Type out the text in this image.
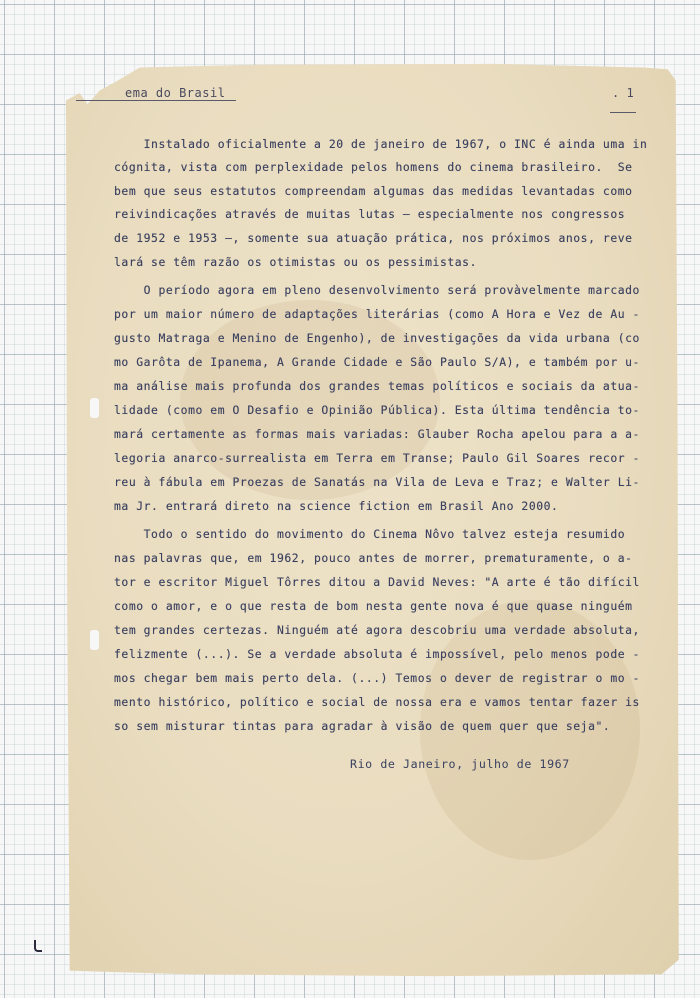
ema do Brasil	. 1
Instalado oficialmente a 20 de janeiro de 1967, o INC é ainda uma in
cógnita, vista com perplexidade pelos homens do cinema brasileiro.  Se
bem que seus estatutos compreendam algumas das medidas levantadas como
reivindicações através de muitas lutas — especialmente nos congressos
de 1952 e 1953 —, somente sua atuação prática, nos próximos anos, reve
lará se têm razão os otimistas ou os pessimistas.
O período agora em pleno desenvolvimento será provàvelmente marcado
por um maior número de adaptações literárias (como A Hora e Vez de Au -
gusto Matraga e Menino de Engenho), de investigações da vida urbana (co
mo Garôta de Ipanema, A Grande Cidade e São Paulo S/A), e também por u-
ma análise mais profunda dos grandes temas políticos e sociais da atua-
lidade (como em O Desafio e Opinião Pública). Esta última tendência to-
mará certamente as formas mais variadas: Glauber Rocha apelou para a a-
legoria anarco-surrealista em Terra em Transe; Paulo Gil Soares recor -
reu à fábula em Proezas de Sanatás na Vila de Leva e Traz; e Walter Li-
ma Jr. entrará direto na science fiction em Brasil Ano 2000.
Todo o sentido do movimento do Cinema Nôvo talvez esteja resumido
nas palavras que, em 1962, pouco antes de morrer, prematuramente, o a-
tor e escritor Miguel Tôrres ditou a David Neves: "A arte é tão difícil
como o amor, e o que resta de bom nesta gente nova é que quase ninguém
tem grandes certezas. Ninguém até agora descobriu uma verdade absoluta,
felizmente (...). Se a verdade absoluta é impossível, pelo menos pode -
mos chegar bem mais perto dela. (...) Temos o dever de registrar o mo -
mento histórico, político e social de nossa era e vamos tentar fazer is
so sem misturar tintas para agradar à visão de quem quer que seja".
Rio de Janeiro, julho de 1967
